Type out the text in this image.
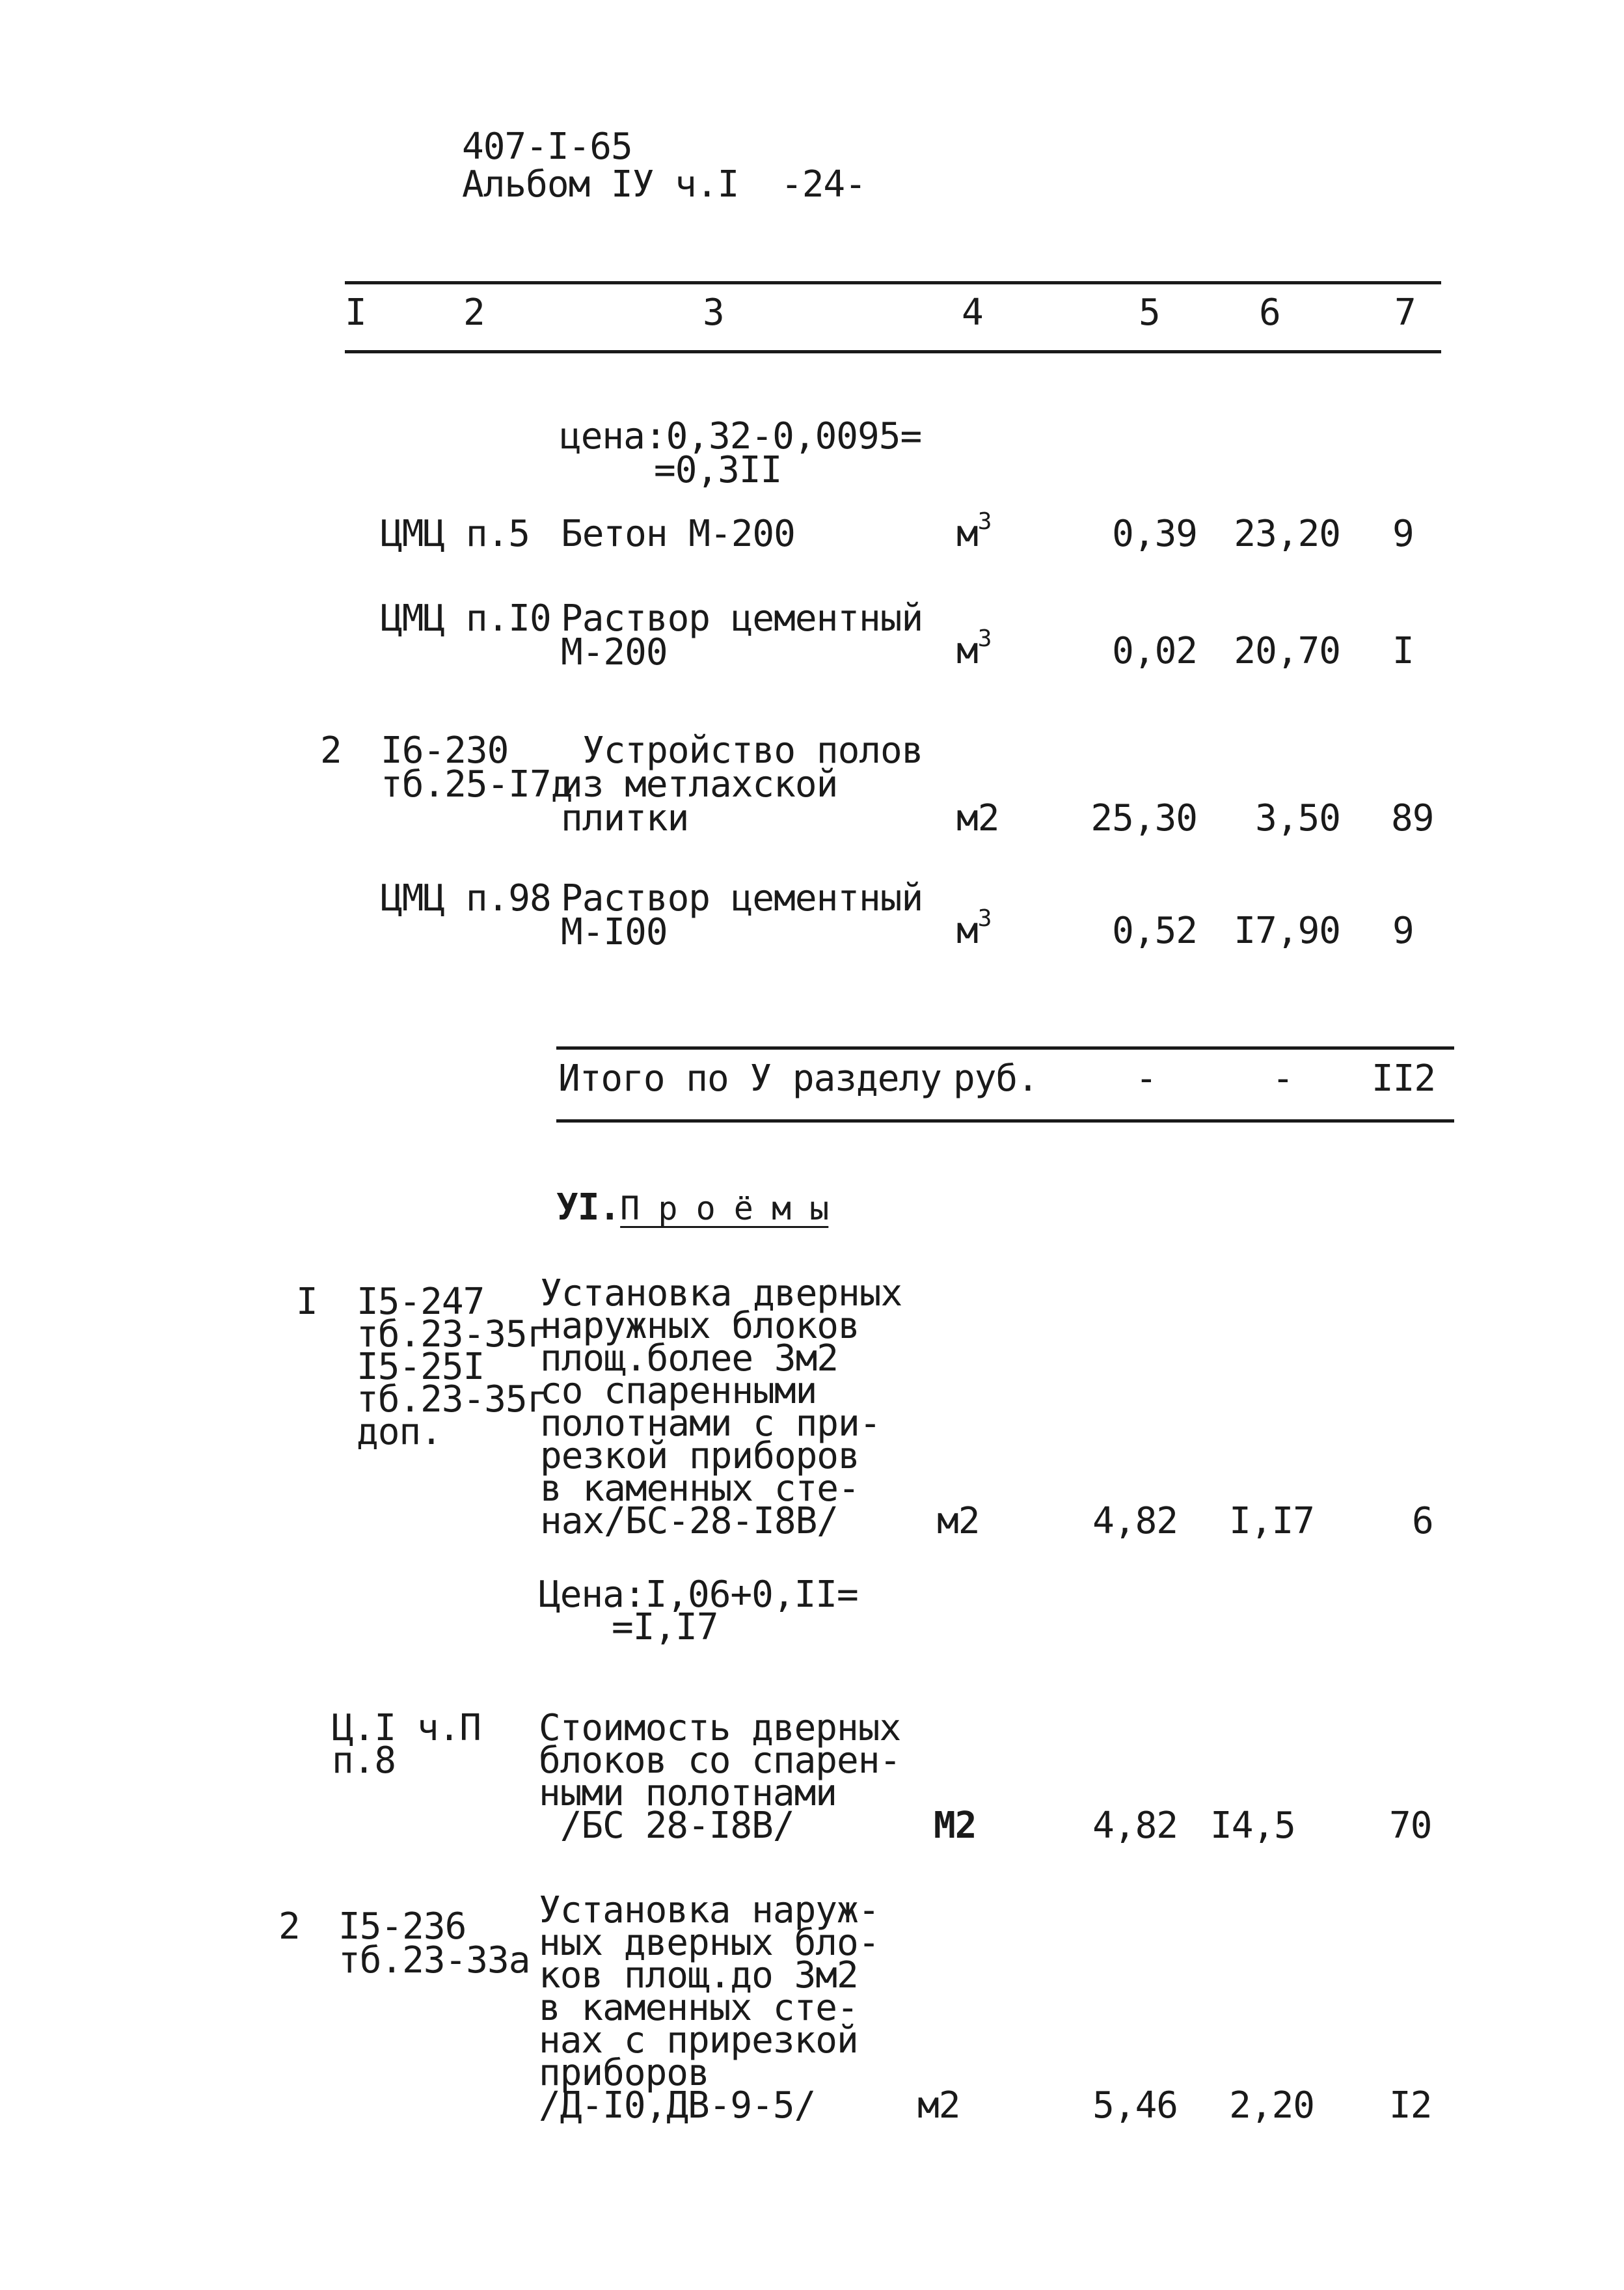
407-I-65
Альбом IУ ч.I -24-
I	2	3	4	5	6	7
цена:0,32-0,0095=
=0,3II
ЦМЦ п.5 Бетон М-200	$м^3$	0,39	23,20 9
ЦМЦ п.I0 Раствор цементный
М-200	$м^3$	0,02	20,70 I
2 I6-230
тб.25-I7д
Устройство полов
из метлахской
плитки	м2	25,30	3,50 89
ЦМЦ п.98 Раствор цементный
М-I00	$м^3$	0,52	I7,90 9
Итого по У разделу руб.	-	- II2
УI.П р о ё м ы
I I5-247
тб.23-35г
I5-25I
тб.23-35г
доп.
Установка дверных
наружных блоков
площ.более 3м2
со спаренными
полотнами с при-
резкой приборов
в каменных сте-
нах/БС-28-I8В/	м2	4,82	I,I7	6
Цена:I,06+0,II=
=I,I7
Ц.I ч.П
п.8
Стоимость дверных
блоков со спарен-
ными полотнами
/БС 28-I8В/	М2	4,82 I4,5	70
2 I5-236
тб.23-33а
Установка наруж-
ных дверных бло-
ков площ.до 3м2
в каменных сте-
нах с прирезкой
приборов
/Д-I0,ДВ-9-5/	м2	5,46	2,20 I2
